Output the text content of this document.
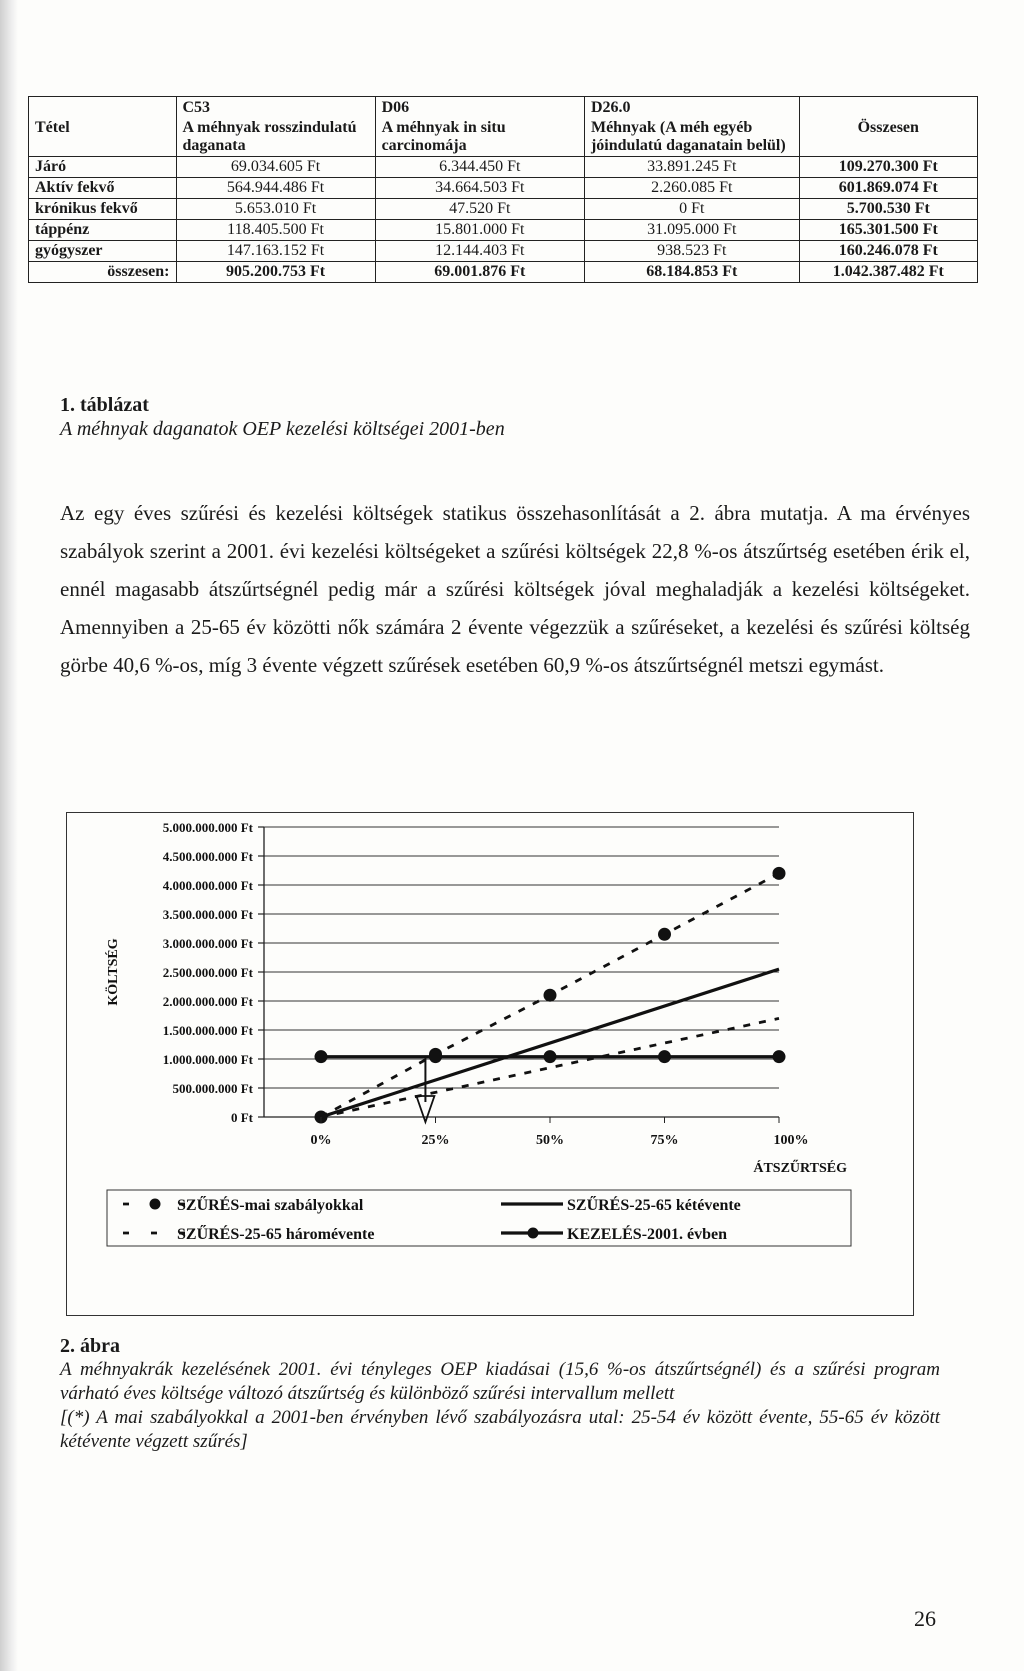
	C53	D06	D26.0	
Tétel	A méhnyak rosszindulatú daganata	A méhnyak in situ carcinomája	Méhnyak (A méh egyéb jóindulatú daganatain belül)	Összesen
Járó	69.034.605 Ft	6.344.450 Ft	33.891.245 Ft	109.270.300 Ft
Aktív fekvő	564.944.486 Ft	34.664.503 Ft	2.260.085 Ft	601.869.074 Ft
krónikus fekvő	5.653.010 Ft	47.520 Ft	0 Ft	5.700.530 Ft
táppénz	118.405.500 Ft	15.801.000 Ft	31.095.000 Ft	165.301.500 Ft
gyógyszer	147.163.152 Ft	12.144.403 Ft	938.523 Ft	160.246.078 Ft
összesen:	905.200.753 Ft	69.001.876 Ft	68.184.853 Ft	1.042.387.482 Ft
1. táblázat
A méhnyak daganatok OEP kezelési költségei 2001-ben

Az egy éves szűrési és kezelési költségek statikus összehasonlítását a 2. ábra mutatja. A ma érvényes szabályok szerint a 2001. évi kezelési költségeket a szűrési költségek 22,8 %-os átszűrtség esetében érik el, ennél magasabb átszűrtségnél pedig már a szűrési költségek jóval meghaladják a kezelési költségeket. Amennyiben a 25-65 év közötti nők számára 2 évente végezzük a szűréseket, a kezelési és szűrési költség görbe 40,6 %-os, míg 3 évente végzett szűrések esetében 60,9 %-os átszűrtségnél metszi egymást.

0 Ft
500.000.000 Ft
1.000.000.000 Ft
1.500.000.000 Ft
2.000.000.000 Ft
2.500.000.000 Ft
3.000.000.000 Ft
3.500.000.000 Ft
4.000.000.000 Ft
4.500.000.000 Ft
5.000.000.000 Ft
0%	25%	50%	75%	100%
ÁTSZŰRTSÉG
KÖLTSÉG
SZŰRÉS-mai szabályokkal	SZŰRÉS-25-65 kétévente
SZŰRÉS-25-65 háromévente	KEZELÉS-2001. évben
2. ábra
A méhnyakrák kezelésének 2001. évi tényleges OEP kiadásai (15,6 %-os átszűrtségnél) és a szűrési program várható éves költsége változó átszűrtség és különböző szűrési intervallum mellett
[(*) A mai szabályokkal a 2001-ben érvényben lévő szabályozásra utal: 25-54 év között évente, 55-65 év között kétévente végzett szűrés]
26
